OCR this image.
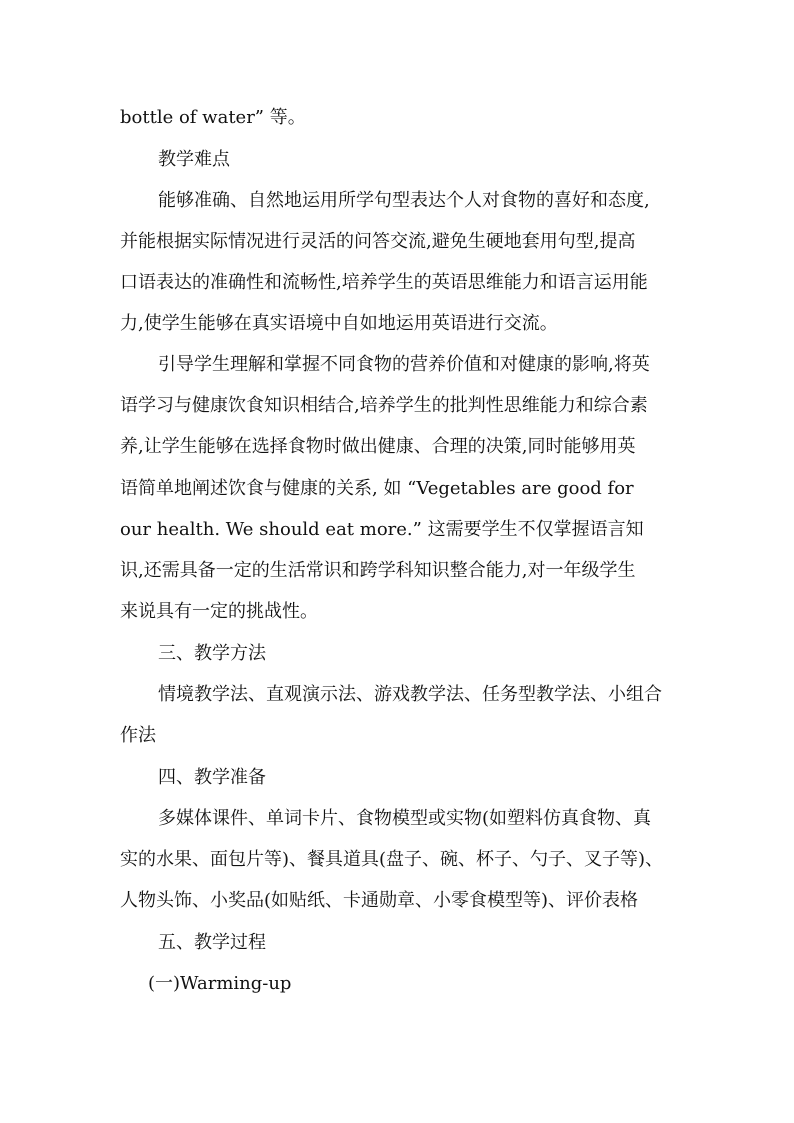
bottle of water” 等。
教学难点
能够准确、自然地运用所学句型表达个人对食物的喜好和态度,
并能根据实际情况进行灵活的问答交流,避免生硬地套用句型,提高
口语表达的准确性和流畅性,培养学生的英语思维能力和语言运用能
力,使学生能够在真实语境中自如地运用英语进行交流。
引导学生理解和掌握不同食物的营养价值和对健康的影响,将英
语学习与健康饮食知识相结合,培养学生的批判性思维能力和综合素
养,让学生能够在选择食物时做出健康、合理的决策,同时能够用英
语简单地阐述饮食与健康的关系, 如 “Vegetables are good for
our health. We should eat more.” 这需要学生不仅掌握语言知
识,还需具备一定的生活常识和跨学科知识整合能力,对一年级学生
来说具有一定的挑战性。
三、教学方法
情境教学法、直观演示法、游戏教学法、任务型教学法、小组合
作法
四、教学准备
多媒体课件、单词卡片、食物模型或实物(如塑料仿真食物、真
实的水果、面包片等)、餐具道具(盘子、碗、杯子、勺子、叉子等)、
人物头饰、小奖品(如贴纸、卡通勋章、小零食模型等)、评价表格
五、教学过程
(一)Warming-up
